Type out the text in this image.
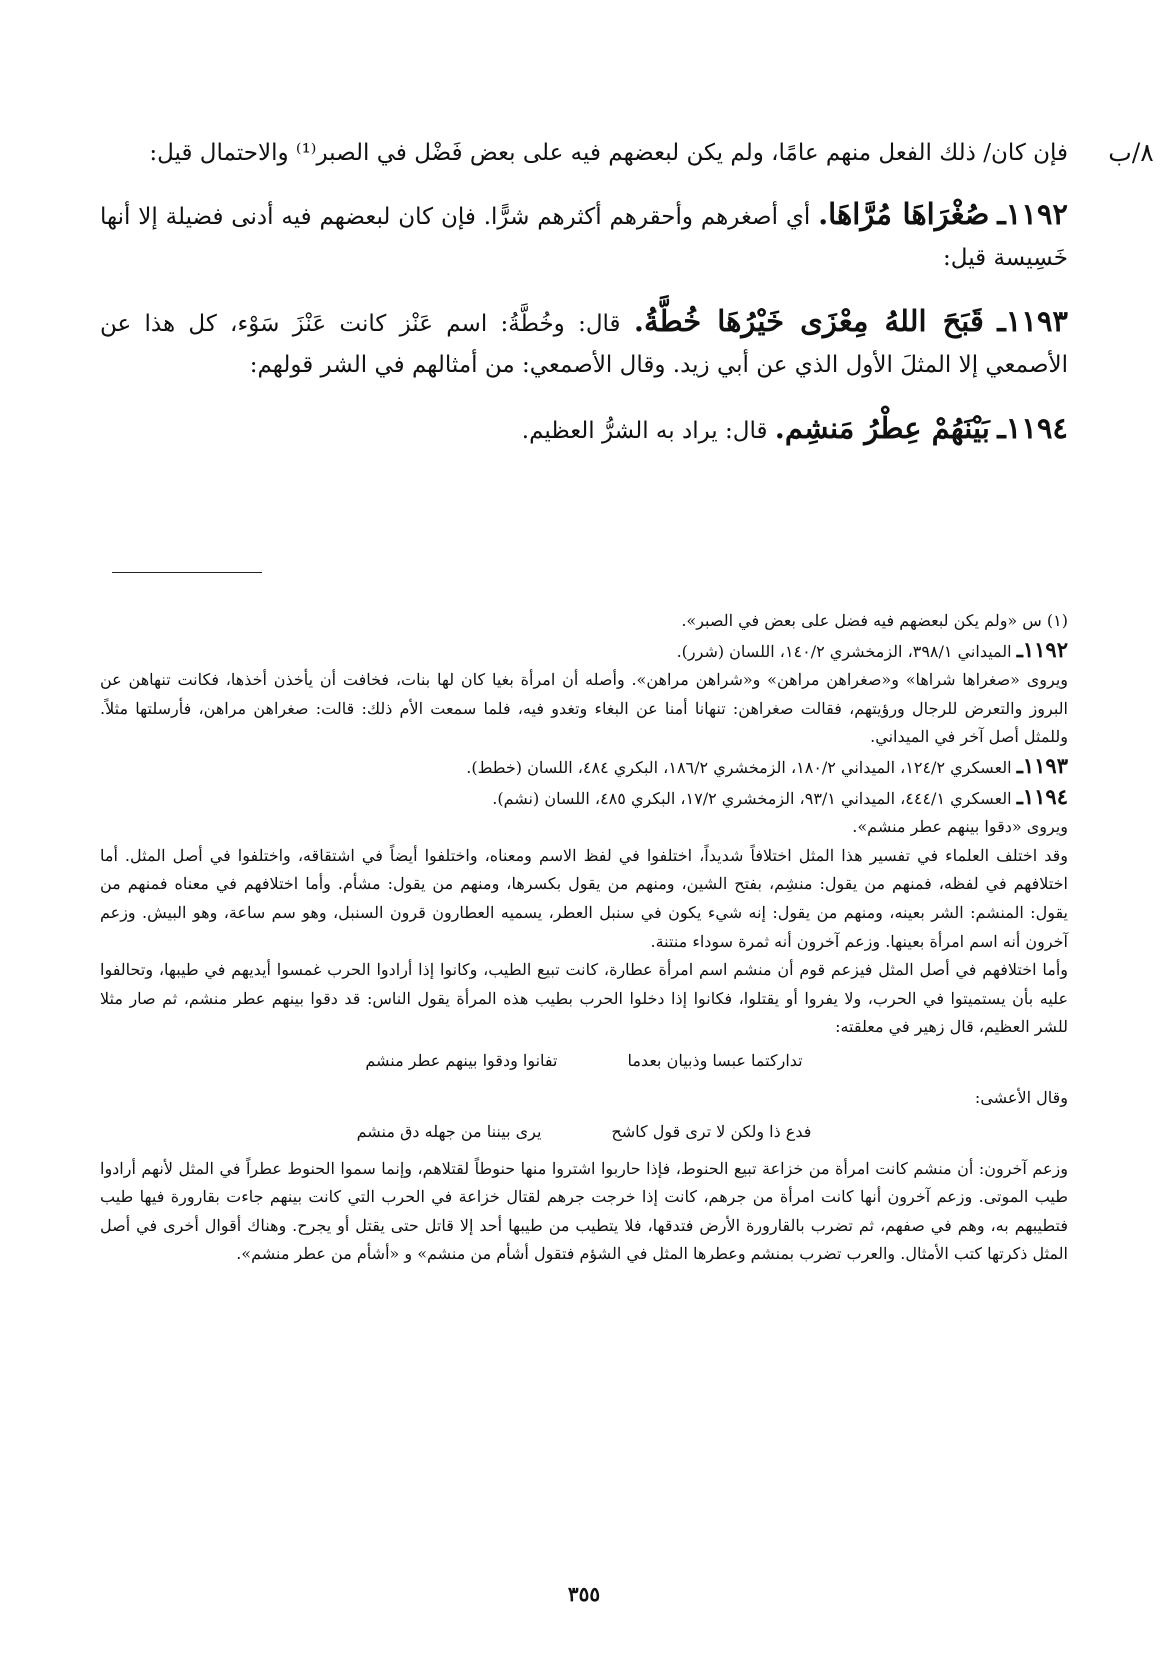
٨/ب

فإن كان/ ذلك الفعل منهم عامًا، ولم يكن لبعضهم فيه على بعض فَضْل في الصبر⁽¹⁾ والاحتمال قيل:

١١٩٢ـ صُغْرَاهَا مُرَّاهَا. أي أصغرهم وأحقرهم أكثرهم شرًّا. فإن كان لبعضهم فيه أدنى فضيلة إلا أنها خَسِيسة قيل:

١١٩٣ـ قَبَحَ اللهُ مِعْزَى خَيْرُهَا خُطَّةُ. قال: وخُطَّةُ: اسم عَنْز كانت عَنْزَ سَوْء، كل هذا عن الأصمعي إلا المثلَ الأول الذي عن أبي زيد. وقال الأصمعي: من أمثالهم في الشر قولهم:

١١٩٤ـ بَيْنَهُمْ عِطْرُ مَنشِم. قال: يراد به الشرُّ العظيم.

(١) س «ولم يكن لبعضهم فيه فضل على بعض في الصبر».

١١٩٢ـ الميداني ٣٩٨/١، الزمخشري ١٤٠/٢، اللسان (شرر).

ويروى «صغراها شراها» و«صغراهن مراهن» و«شراهن مراهن». وأصله أن امرأة بغيا كان لها بنات، فخافت أن يأخذن أخذها، فكانت تنهاهن عن البروز والتعرض للرجال ورؤيتهم، فقالت صغراهن: تنهانا أمنا عن البغاء وتغدو فيه، فلما سمعت الأم ذلك: قالت: صغراهن مراهن، فأرسلتها مثلاً. وللمثل أصل آخر في الميداني.

١١٩٣ـ العسكري ١٢٤/٢، الميداني ١٨٠/٢، الزمخشري ١٨٦/٢، البكري ٤٨٤، اللسان (خطط).

١١٩٤ـ العسكري ٤٤٤/١، الميداني ٩٣/١، الزمخشري ١٧/٢، البكري ٤٨٥، اللسان (نشم).

ويروى «دقوا بينهم عطر منشم».

وقد اختلف العلماء في تفسير هذا المثل اختلافاً شديداً، اختلفوا في لفظ الاسم ومعناه، واختلفوا أيضاً في اشتقاقه، واختلفوا في أصل المثل. أما اختلافهم في لفظه، فمنهم من يقول: منشِم، بفتح الشين، ومنهم من يقول بكسرها، ومنهم من يقول: مشأم. وأما اختلافهم في معناه فمنهم من يقول: المنشم: الشر بعينه، ومنهم من يقول: إنه شيء يكون في سنبل العطر، يسميه العطارون قرون السنبل، وهو سم ساعة، وهو البيش. وزعم آخرون أنه اسم امرأة بعينها. وزعم آخرون أنه ثمرة سوداء منتنة.

وأما اختلافهم في أصل المثل فيزعم قوم أن منشم اسم امرأة عطارة، كانت تبيع الطيب، وكانوا إذا أرادوا الحرب غمسوا أيديهم في طيبها، وتحالفوا عليه بأن يستميتوا في الحرب، ولا يفروا أو يقتلوا، فكانوا إذا دخلوا الحرب بطيب هذه المرأة يقول الناس: قد دقوا بينهم عطر منشم، ثم صار مثلا للشر العظيم، قال زهير في معلقته:

تداركتما عبسا وذبيان بعدما
تفانوا ودقوا بينهم عطر منشم

وقال الأعشى:

فدع ذا ولكن لا ترى قول كاشح
يرى بيننا من جهله دق منشم

وزعم آخرون: أن منشم كانت امرأة من خزاعة تبيع الحنوط، فإذا حاربوا اشتروا منها حنوطاً لقتلاهم، وإنما سموا الحنوط عطراً في المثل لأنهم أرادوا طيب الموتى. وزعم آخرون أنها كانت امرأة من جرهم، كانت إذا خرجت جرهم لقتال خزاعة في الحرب التي كانت بينهم جاءت بقارورة فيها طيب فتطيبهم به، وهم في صفهم، ثم تضرب بالقارورة الأرض فتدقها، فلا يتطيب من طيبها أحد إلا قاتل حتى يقتل أو يجرح. وهناك أقوال أخرى في أصل المثل ذكرتها كتب الأمثال. والعرب تضرب بمنشم وعطرها المثل في الشؤم فتقول أشأم من منشم» و «أشأم من عطر منشم».

٣٥٥
